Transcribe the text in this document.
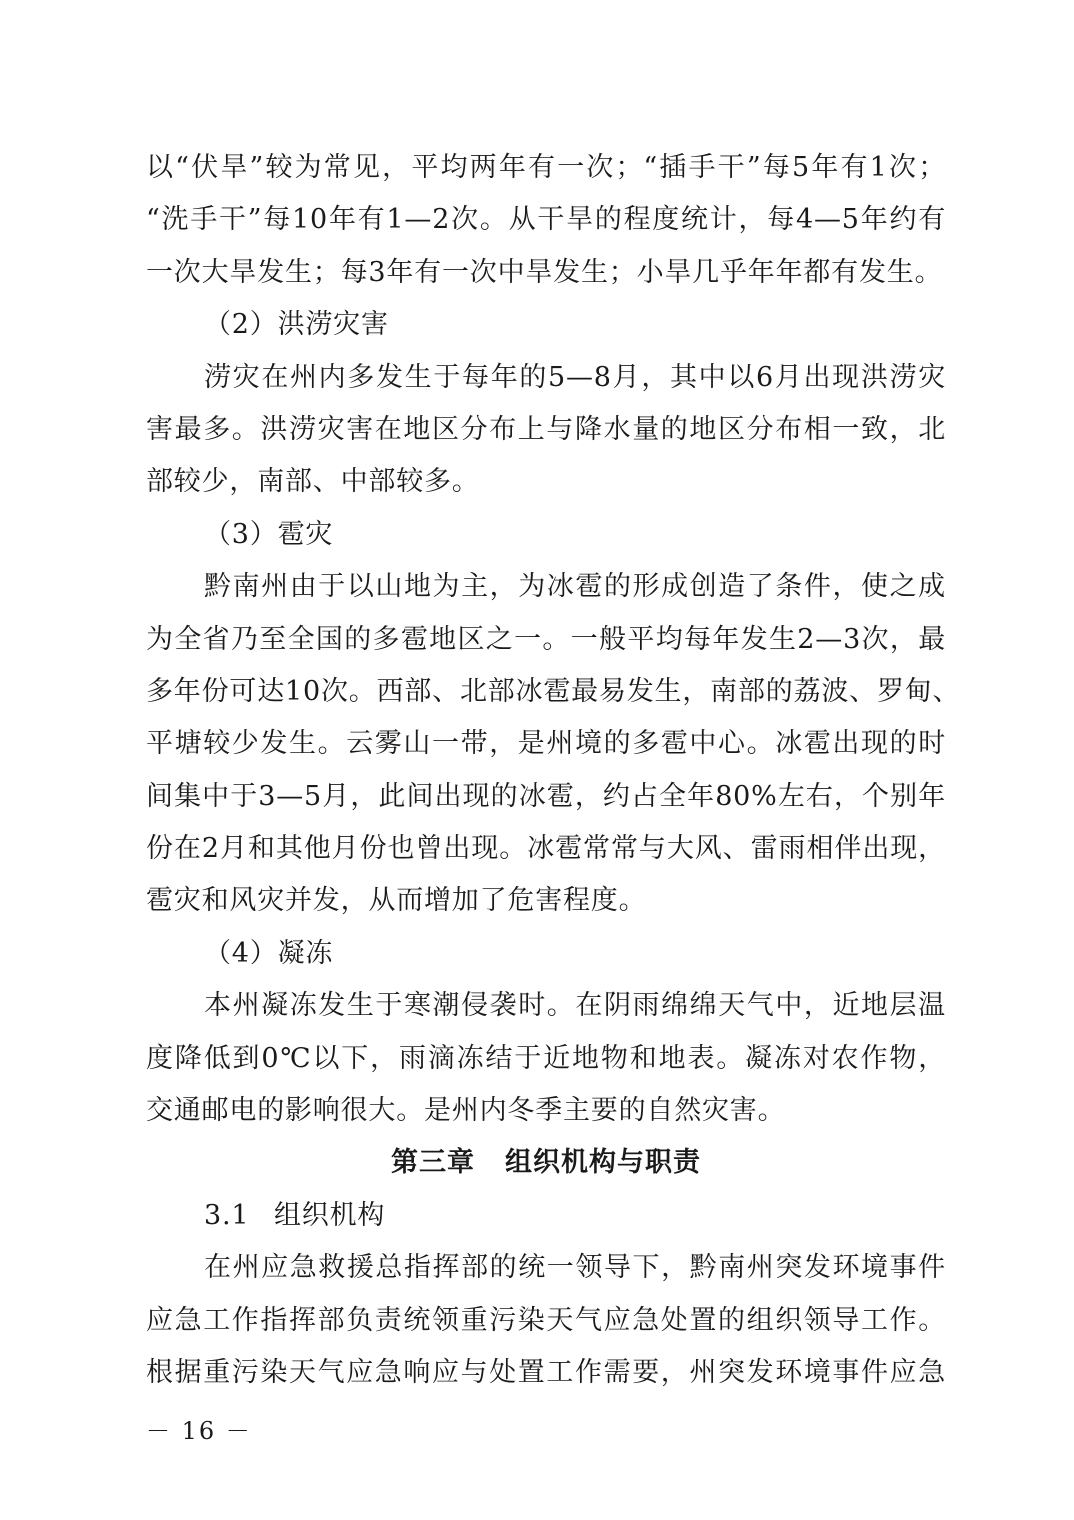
以“伏旱”较为常见，平均两年有一次；“插手干”每5年有1次；
“洗手干”每10年有1—2次。从干旱的程度统计，每4—5年约有
一次大旱发生；每3年有一次中旱发生；小旱几乎年年都有发生。
（2）洪涝灾害
涝灾在州内多发生于每年的5—8月，其中以6月出现洪涝灾
害最多。洪涝灾害在地区分布上与降水量的地区分布相一致，北
部较少，南部、中部较多。
（3）雹灾
黔南州由于以山地为主，为冰雹的形成创造了条件，使之成
为全省乃至全国的多雹地区之一。一般平均每年发生2—3次，最
多年份可达10次。西部、北部冰雹最易发生，南部的荔波、罗甸、
平塘较少发生。云雾山一带，是州境的多雹中心。冰雹出现的时
间集中于3—5月，此间出现的冰雹，约占全年80%左右，个别年
份在2月和其他月份也曾出现。冰雹常常与大风、雷雨相伴出现，
雹灾和风灾并发，从而增加了危害程度。
（4）凝冻
本州凝冻发生于寒潮侵袭时。在阴雨绵绵天气中，近地层温
度降低到0℃以下，雨滴冻结于近地物和地表。凝冻对农作物，
交通邮电的影响很大。是州内冬季主要的自然灾害。
第三章 组织机构与职责
3.1 组织机构
在州应急救援总指挥部的统一领导下，黔南州突发环境事件
应急工作指挥部负责统领重污染天气应急处置的组织领导工作。
根据重污染天气应急响应与处置工作需要，州突发环境事件应急
－ 16 －
